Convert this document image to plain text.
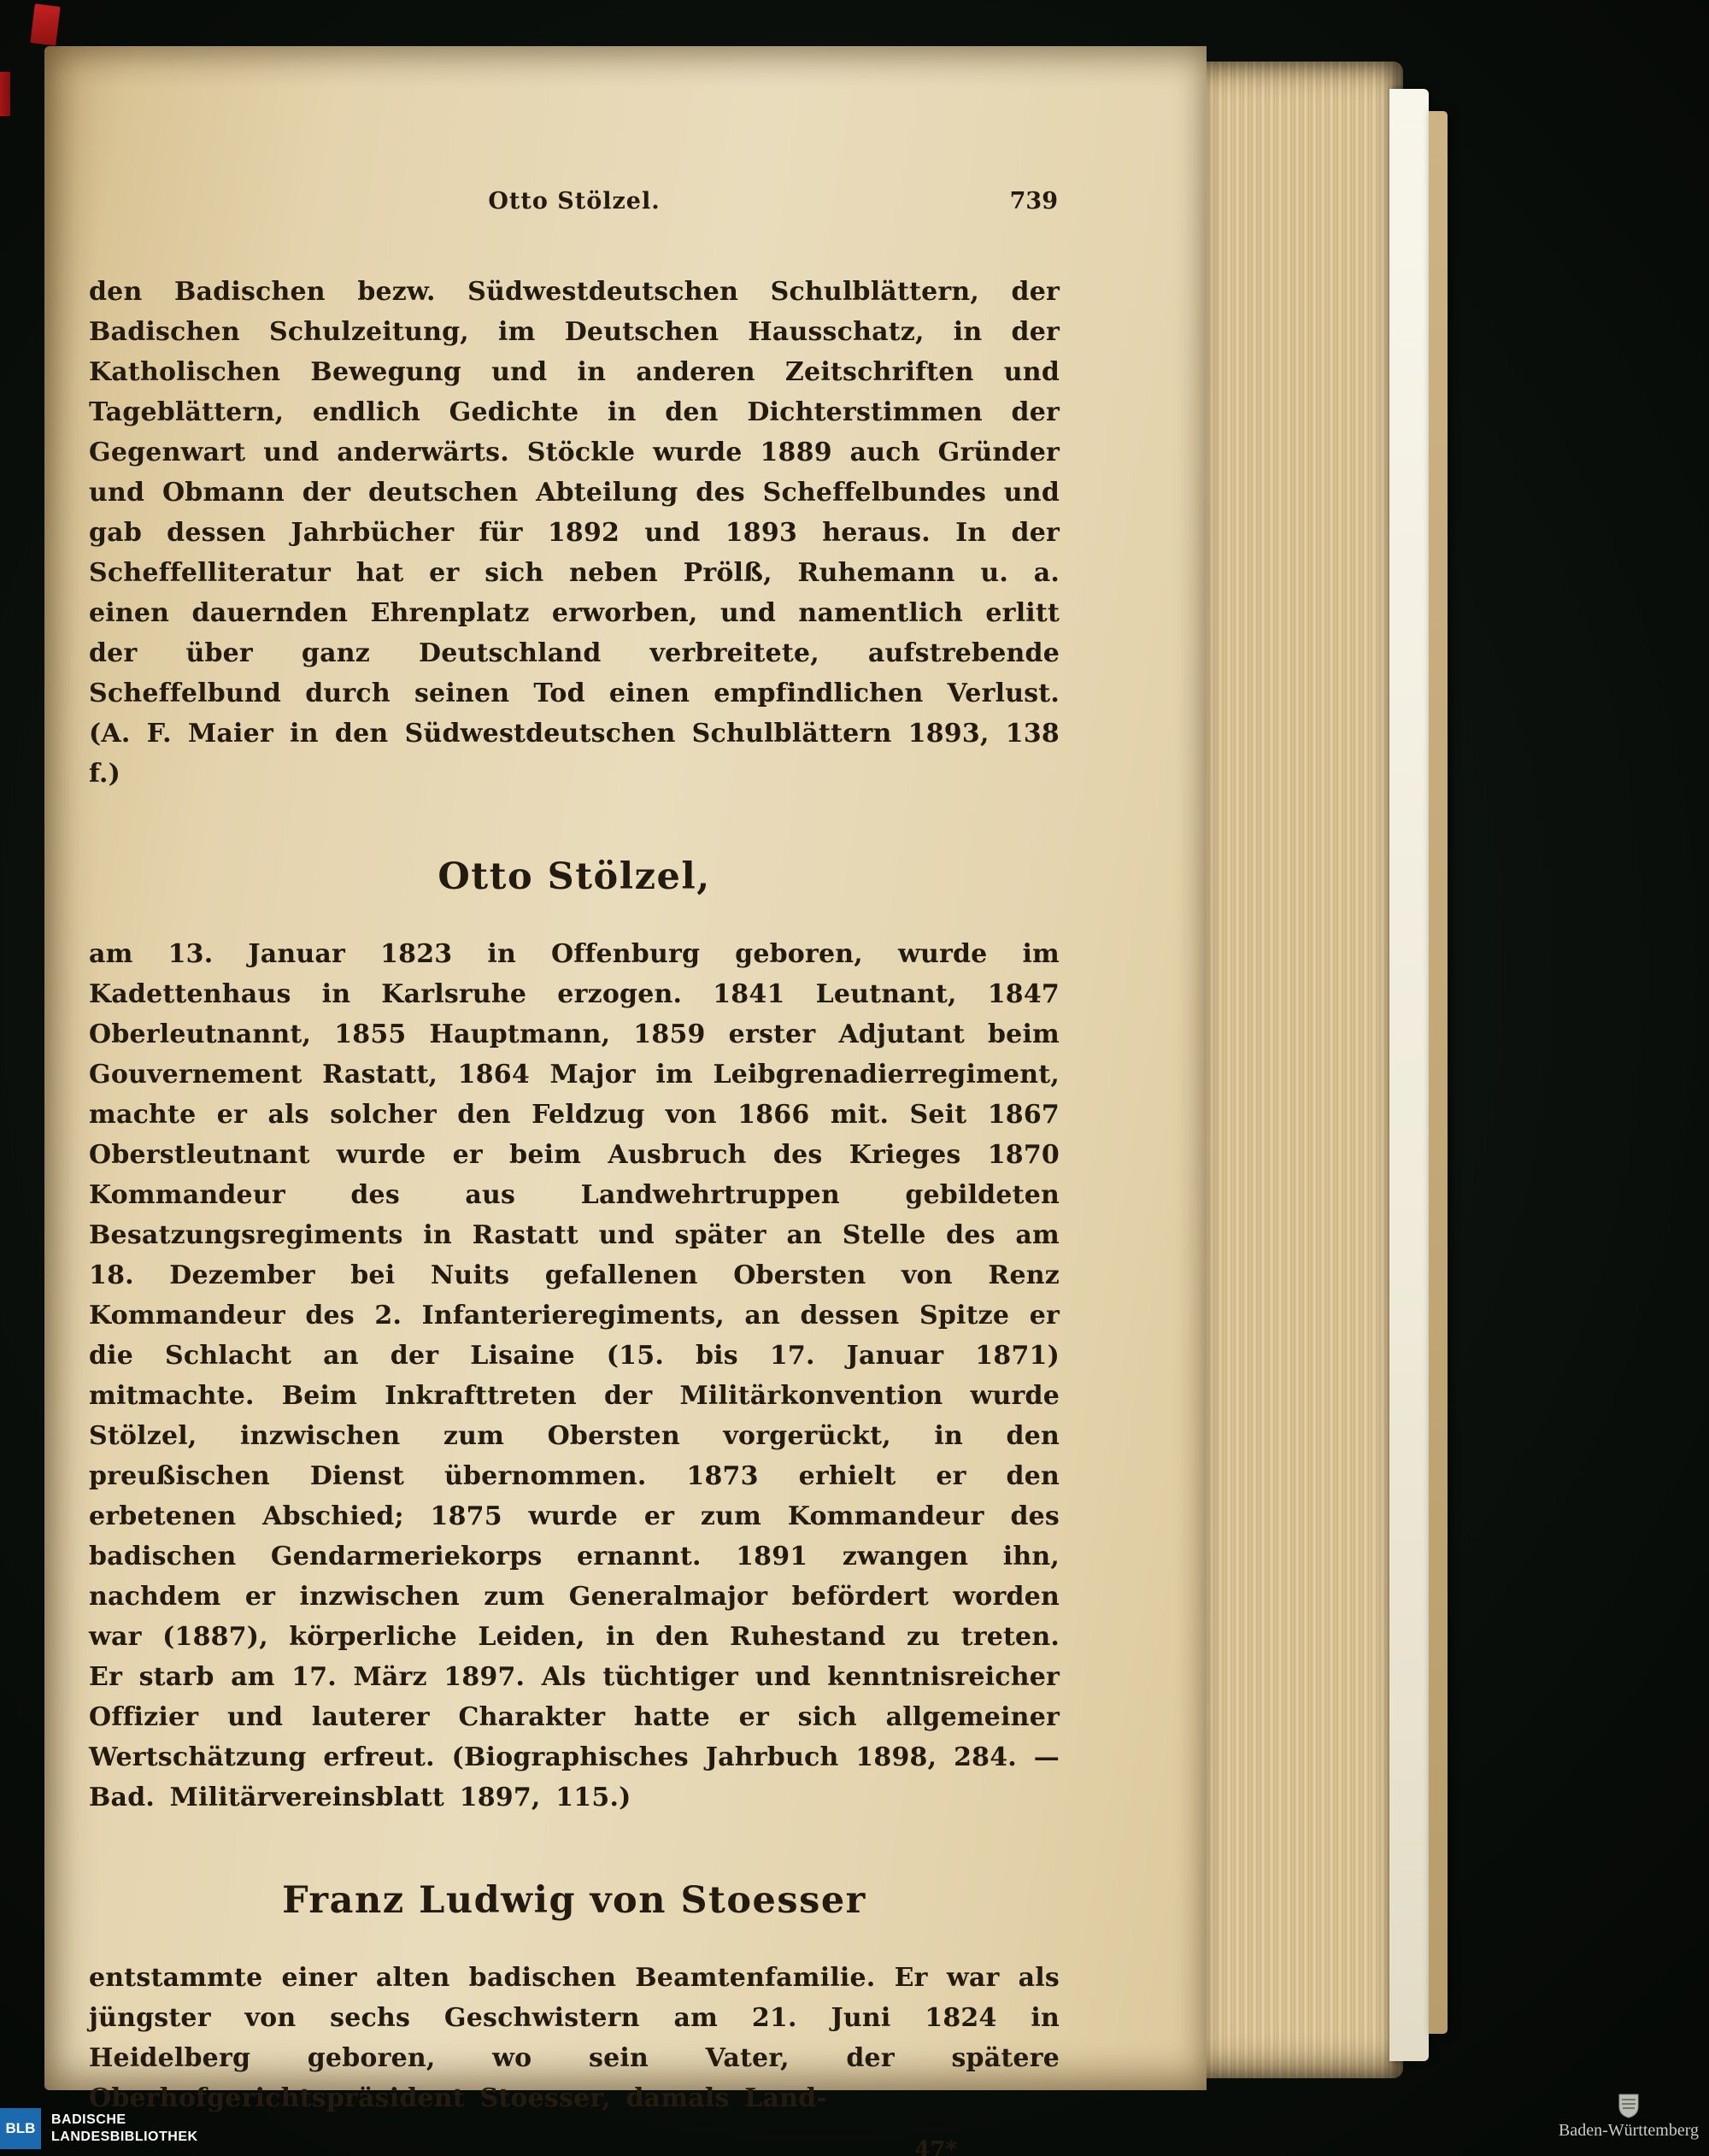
Otto Stölzel.	739

den Badischen bezw. Südwestdeutschen Schulblättern, der Badischen Schulzeitung, im Deutschen Hausschatz, in der Katholischen Bewegung und in anderen Zeitschriften und Tageblättern, endlich Gedichte in den Dichterstimmen der Gegenwart und anderwärts. Stöckle wurde 1889 auch Gründer und Obmann der deutschen Abteilung des Scheffelbundes und gab dessen Jahrbücher für 1892 und 1893 heraus. In der Scheffelliteratur hat er sich neben Prölß, Ruhemann u. a. einen dauernden Ehrenplatz erworben, und namentlich erlitt der über ganz Deutschland verbreitete, aufstrebende Scheffelbund durch seinen Tod einen empfindlichen Verlust. (A. F. Maier in den Südwestdeutschen Schulblättern 1893, 138 f.)

Otto Stölzel,

am 13. Januar 1823 in Offenburg geboren, wurde im Kadettenhaus in Karlsruhe erzogen. 1841 Leutnant, 1847 Oberleutnannt, 1855 Hauptmann, 1859 erster Adjutant beim Gouvernement Rastatt, 1864 Major im Leibgrenadierregiment, machte er als solcher den Feldzug von 1866 mit. Seit 1867 Oberstleutnant wurde er beim Ausbruch des Krieges 1870 Kommandeur des aus Landwehrtruppen gebildeten Besatzungsregiments in Rastatt und später an Stelle des am 18. Dezember bei Nuits gefallenen Obersten von Renz Kommandeur des 2. Infanterieregiments, an dessen Spitze er die Schlacht an der Lisaine (15. bis 17. Januar 1871) mitmachte. Beim Inkrafttreten der Militärkonvention wurde Stölzel, inzwischen zum Obersten vorgerückt, in den preußischen Dienst übernommen. 1873 erhielt er den erbetenen Abschied; 1875 wurde er zum Kommandeur des badischen Gendarmeriekorps ernannt. 1891 zwangen ihn, nachdem er inzwischen zum Generalmajor befördert worden war (1887), körperliche Leiden, in den Ruhestand zu treten. Er starb am 17. März 1897. Als tüchtiger und kenntnisreicher Offizier und lauterer Charakter hatte er sich allgemeiner Wertschätzung erfreut. (Biographisches Jahrbuch 1898, 284. — Bad. Militärvereinsblatt 1897, 115.)

Franz Ludwig von Stoesser

entstammte einer alten badischen Beamtenfamilie. Er war als jüngster von sechs Geschwistern am 21. Juni 1824 in Heidelberg geboren, wo sein Vater, der spätere Oberhofgerichtspräsident Stoesser, damals Land-

47*
BLB
BADISCHE
LANDESBIBLIOTHEK	Baden-Württemberg
